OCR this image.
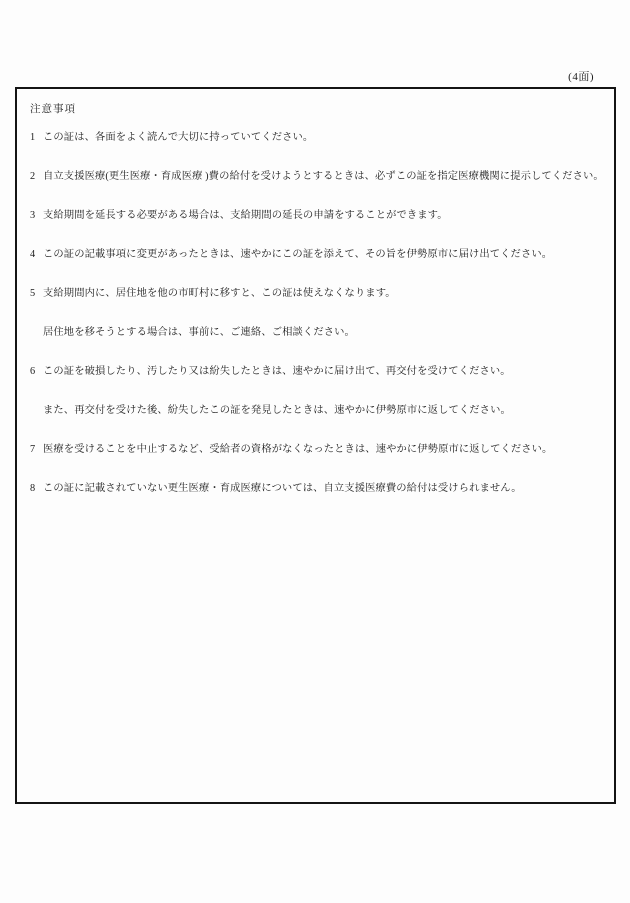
(4面)
注意事項
1 この証は、各面をよく読んで大切に持っていてください。
2 自立支援医療(更生医療・育成医療 )費の給付を受けようとするときは、必ずこの証を指定医療機関に提示してください。
3 支給期間を延長する必要がある場合は、支給期間の延長の申請をすることができます。
4 この証の記載事項に変更があったときは、速やかにこの証を添えて、その旨を伊勢原市に届け出てください。
5 支給期間内に、居住地を他の市町村に移すと、この証は使えなくなります。
居住地を移そうとする場合は、事前に、ご連絡、ご相談ください。
6 この証を破損したり、汚したり又は紛失したときは、速やかに届け出て、再交付を受けてください。
また、再交付を受けた後、紛失したこの証を発見したときは、速やかに伊勢原市に返してください。
7 医療を受けることを中止するなど、受給者の資格がなくなったときは、速やかに伊勢原市に返してください。
8 この証に記載されていない更生医療・育成医療については、自立支援医療費の給付は受けられません。
